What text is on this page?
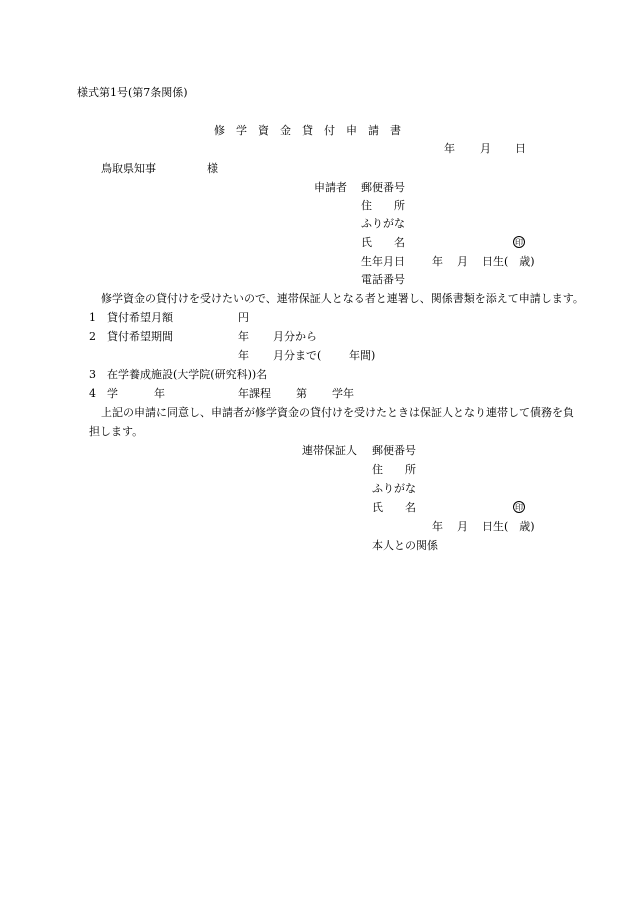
様式第1号(第7条関係)
修　学　資　金　貸　付　申　請　書
年 月 日
鳥取県知事	様
申請者 郵便番号
住　　所
ふりがな
氏　　名	印
生年月日 年 月 日生(　歳)
電話番号
修学資金の貸付けを受けたいので、連帯保証人となる者と連署し、関係書類を添えて申請します。
1 貸付希望月額	円
2 貸付希望期間	年 月分から
年 月分まで(	年間)
3 在学養成施設(大学院(研究科))名
4 学	年	年課程 第 学年
上記の申請に同意し、申請者が修学資金の貸付けを受けたときは保証人となり連帯して債務を負
担します。
連帯保証人 郵便番号
住　　所
ふりがな
氏　　名	印
年 月 日生(　歳)
本人との関係
